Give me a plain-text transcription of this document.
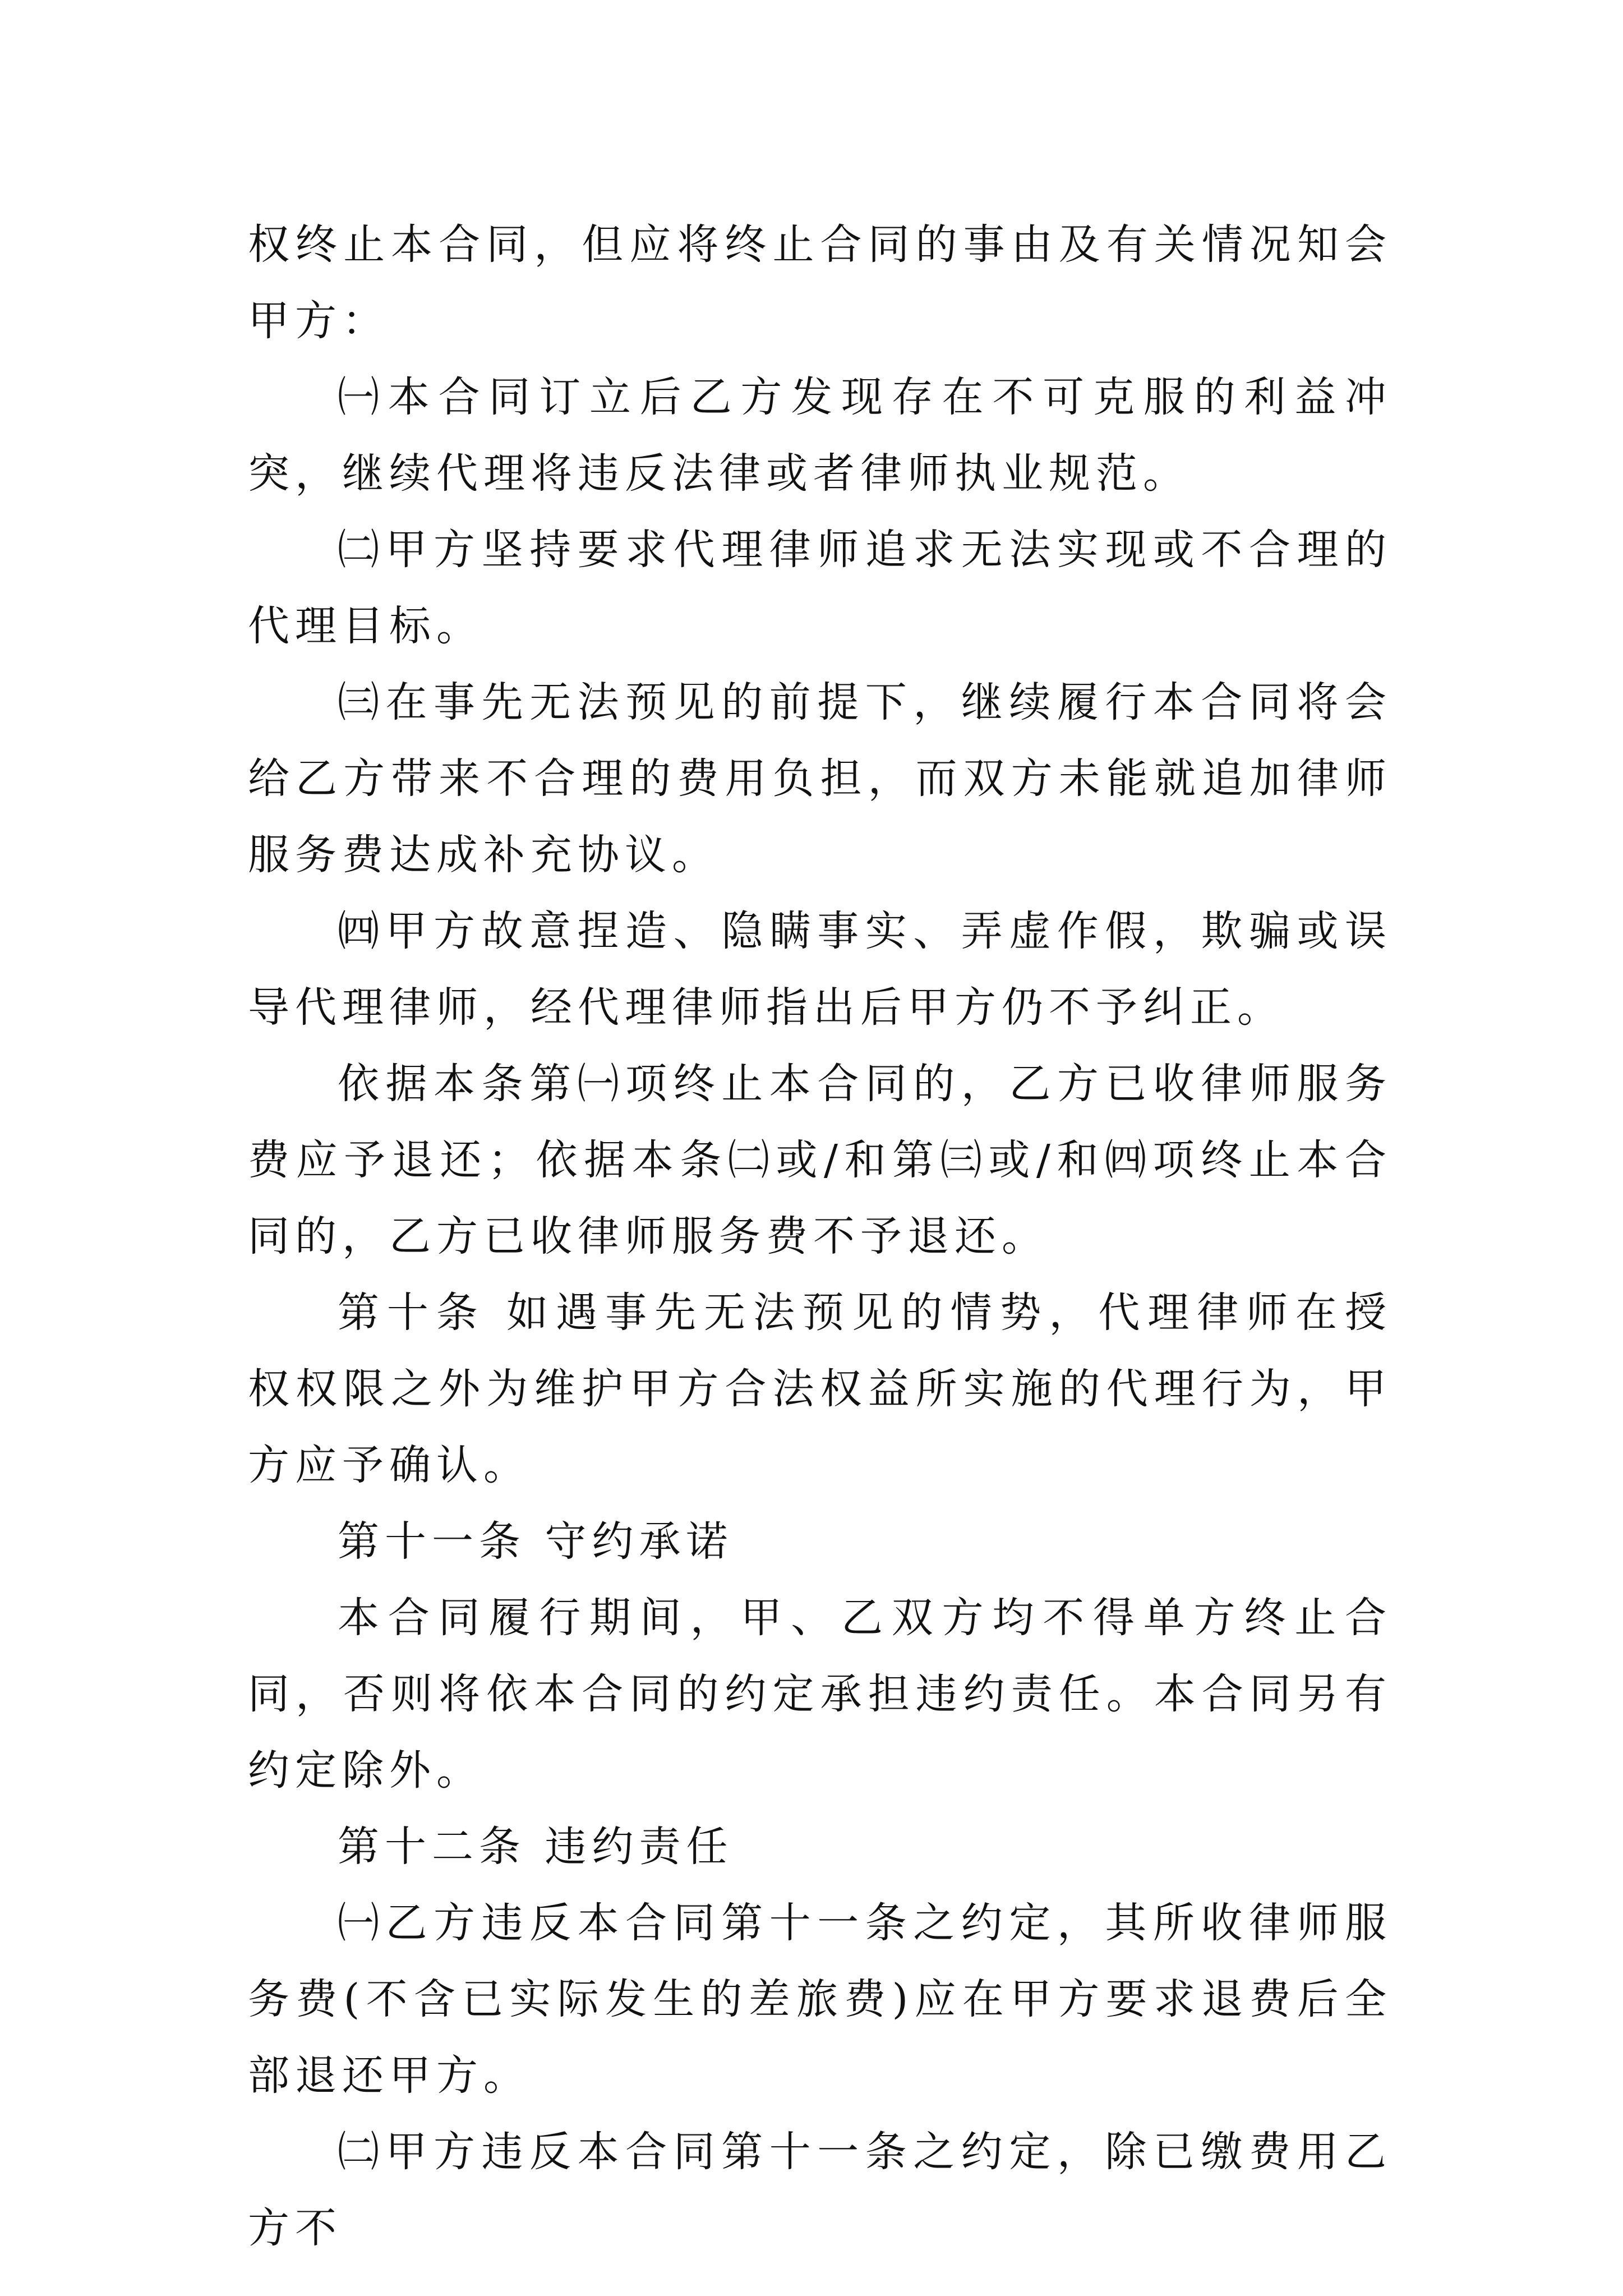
权终止本合同，但应将终止合同的事由及有关情况知会甲方：

㈠本合同订立后乙方发现存在不可克服的利益冲突，继续代理将违反法律或者律师执业规范。

㈡甲方坚持要求代理律师追求无法实现或不合理的代理目标。

㈢在事先无法预见的前提下，继续履行本合同将会给乙方带来不合理的费用负担，而双方未能就追加律师服务费达成补充协议。

㈣甲方故意捏造、隐瞒事实、弄虚作假，欺骗或误导代理律师，经代理律师指出后甲方仍不予纠正。

依据本条第㈠项终止本合同的，乙方已收律师服务费应予退还；依据本条㈡或/和第㈢或/和㈣项终止本合同的，乙方已收律师服务费不予退还。

第十条 如遇事先无法预见的情势，代理律师在授权权限之外为维护甲方合法权益所实施的代理行为，甲方应予确认。

第十一条 守约承诺

本合同履行期间，甲、乙双方均不得单方终止合同，否则将依本合同的约定承担违约责任。本合同另有约定除外。

第十二条 违约责任

㈠乙方违反本合同第十一条之约定，其所收律师服务费(不含已实际发生的差旅费)应在甲方要求退费后全部退还甲方。

㈡甲方违反本合同第十一条之约定，除已缴费用乙方不
